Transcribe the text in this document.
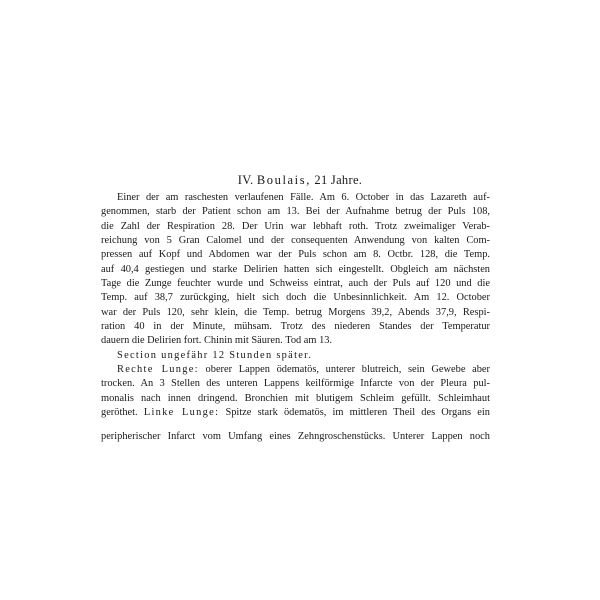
IV. Boulais, 21 Jahre.
Einer der am raschesten verlaufenen Fälle. Am 6. October in das Lazareth auf-
genommen, starb der Patient schon am 13. Bei der Aufnahme betrug der Puls 108,
die Zahl der Respiration 28. Der Urin war lebhaft roth. Trotz zweimaliger Verab-
reichung von 5 Gran Calomel und der consequenten Anwendung von kalten Com-
pressen auf Kopf und Abdomen war der Puls schon am 8. Octbr. 128, die Temp.
auf 40,4 gestiegen und starke Delirien hatten sich eingestellt. Obgleich am nächsten
Tage die Zunge feuchter wurde und Schweiss eintrat, auch der Puls auf 120 und die
Temp. auf 38,7 zurückging, hielt sich doch die Unbesinnlichkeit. Am 12. October
war der Puls 120, sehr klein, die Temp. betrug Morgens 39,2, Abends 37,9, Respi-
ration 40 in der Minute, mühsam. Trotz des niederen Standes der Temperatur
dauern die Delirien fort. Chinin mit Säuren. Tod am 13.
Section ungefähr 12 Stunden später.
Rechte Lunge: oberer Lappen ödematös, unterer blutreich, sein Gewebe aber
trocken. An 3 Stellen des unteren Lappens keilförmige Infarcte von der Pleura pul-
monalis nach innen dringend. Bronchien mit blutigem Schleim gefüllt. Schleimhaut
geröthet. Linke Lunge: Spitze stark ödematös, im mittleren Theil des Organs ein
peripherischer Infarct vom Umfang eines Zehngroschenstücks. Unterer Lappen noch
